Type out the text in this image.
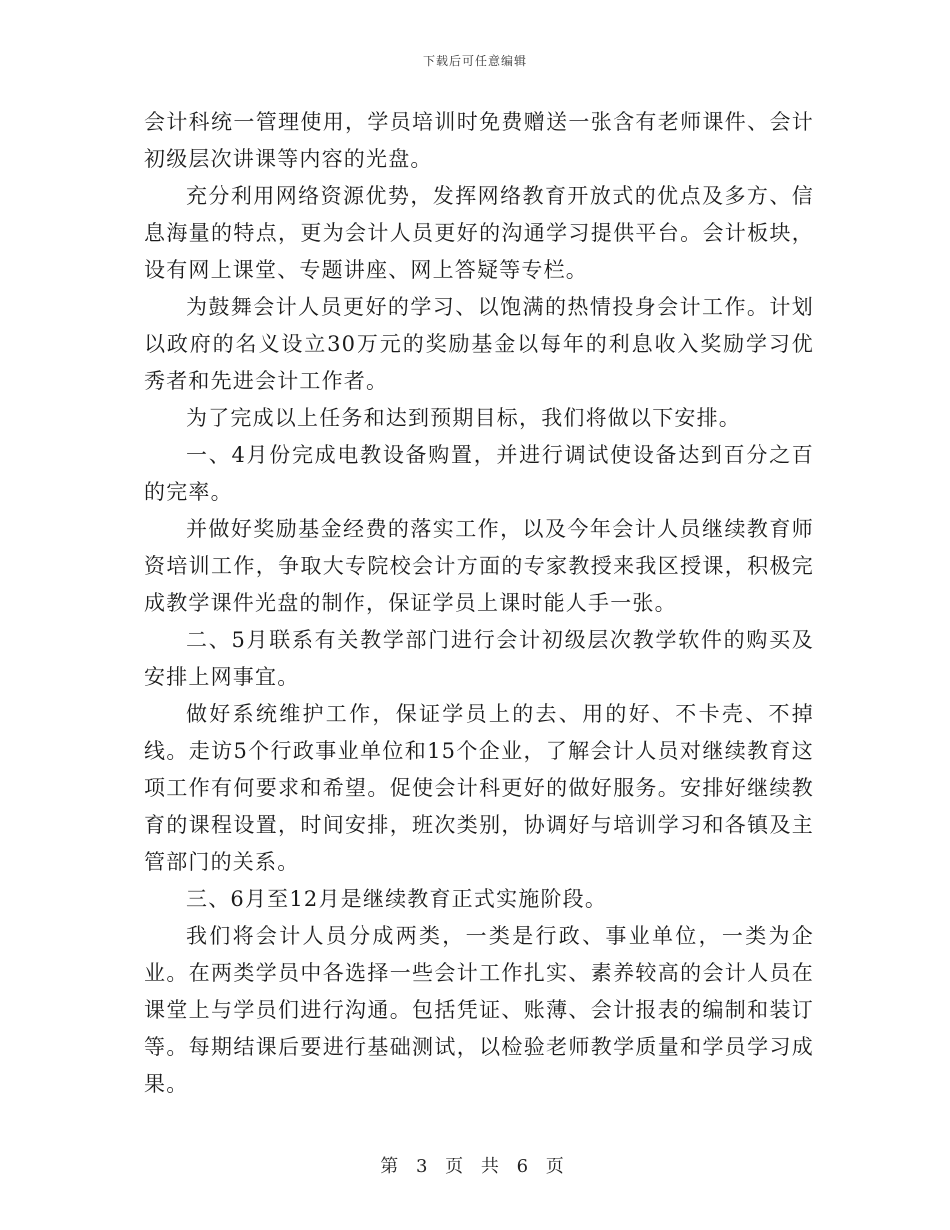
下载后可任意编辑

会计科统一管理使用，学员培训时免费赠送一张含有老师课件、会计初级层次讲课等内容的光盘。

充分利用网络资源优势，发挥网络教育开放式的优点及多方、信息海量的特点，更为会计人员更好的沟通学习提供平台。会计板块，设有网上课堂、专题讲座、网上答疑等专栏。

为鼓舞会计人员更好的学习、以饱满的热情投身会计工作。计划以政府的名义设立30万元的奖励基金以每年的利息收入奖励学习优秀者和先进会计工作者。

为了完成以上任务和达到预期目标，我们将做以下安排。

一、4月份完成电教设备购置，并进行调试使设备达到百分之百的完率。

并做好奖励基金经费的落实工作，以及今年会计人员继续教育师资培训工作，争取大专院校会计方面的专家教授来我区授课，积极完成教学课件光盘的制作，保证学员上课时能人手一张。

二、5月联系有关教学部门进行会计初级层次教学软件的购买及安排上网事宜。

做好系统维护工作，保证学员上的去、用的好、不卡壳、不掉线。走访5个行政事业单位和15个企业，了解会计人员对继续教育这项工作有何要求和希望。促使会计科更好的做好服务。安排好继续教育的课程设置，时间安排，班次类别，协调好与培训学习和各镇及主管部门的关系。

三、6月至12月是继续教育正式实施阶段。

我们将会计人员分成两类，一类是行政、事业单位，一类为企业。在两类学员中各选择一些会计工作扎实、素养较高的会计人员在课堂上与学员们进行沟通。包括凭证、账薄、会计报表的编制和装订等。每期结课后要进行基础测试，以检验老师教学质量和学员学习成果。

第 3 页 共 6 页
